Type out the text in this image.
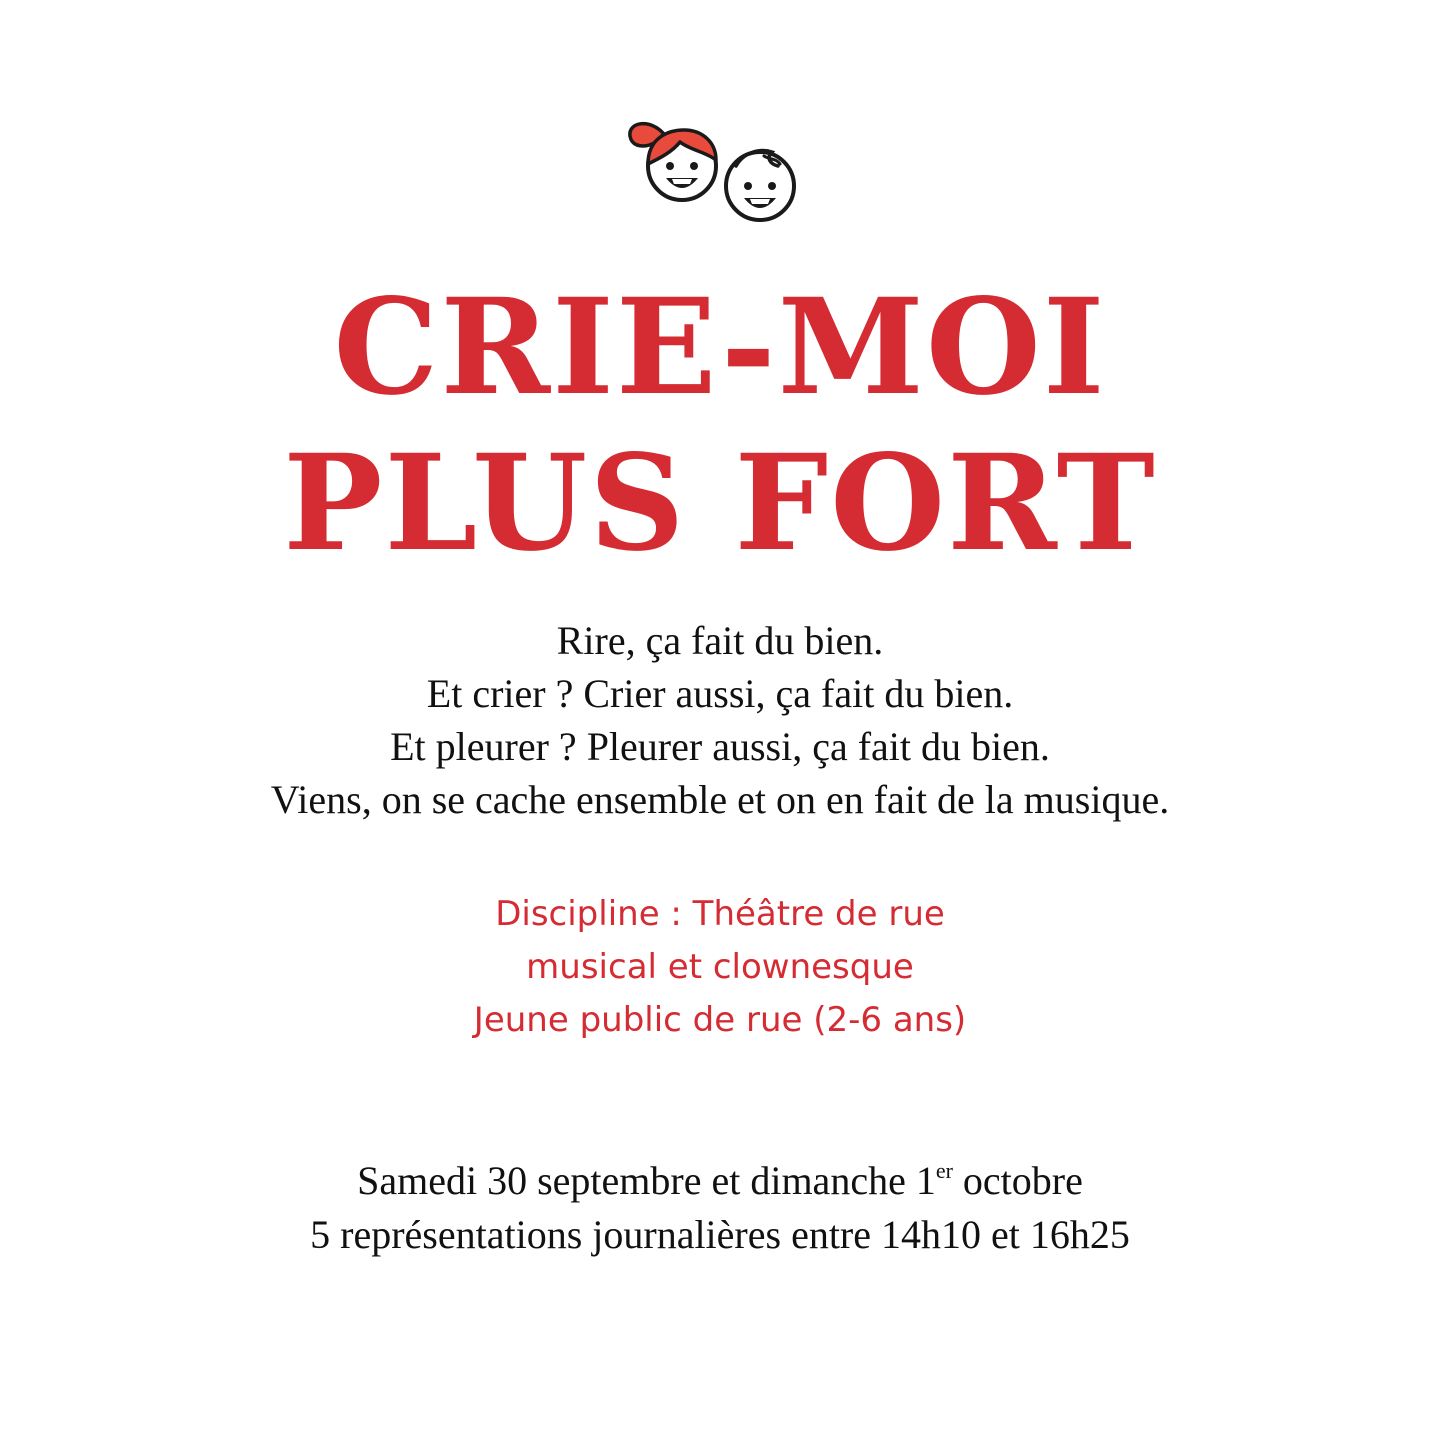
CRIE-MOI
PLUS FORT
Rire, ça fait du bien.
Et crier ? Crier aussi, ça fait du bien.
Et pleurer ? Pleurer aussi, ça fait du bien.
Viens, on se cache ensemble et on en fait de la musique.
Discipline : Théâtre de rue
musical et clownesque
Jeune public de rue (2-6 ans)
Samedi 30 septembre et dimanche 1er octobre
5 représentations journalières entre 14h10 et 16h25
